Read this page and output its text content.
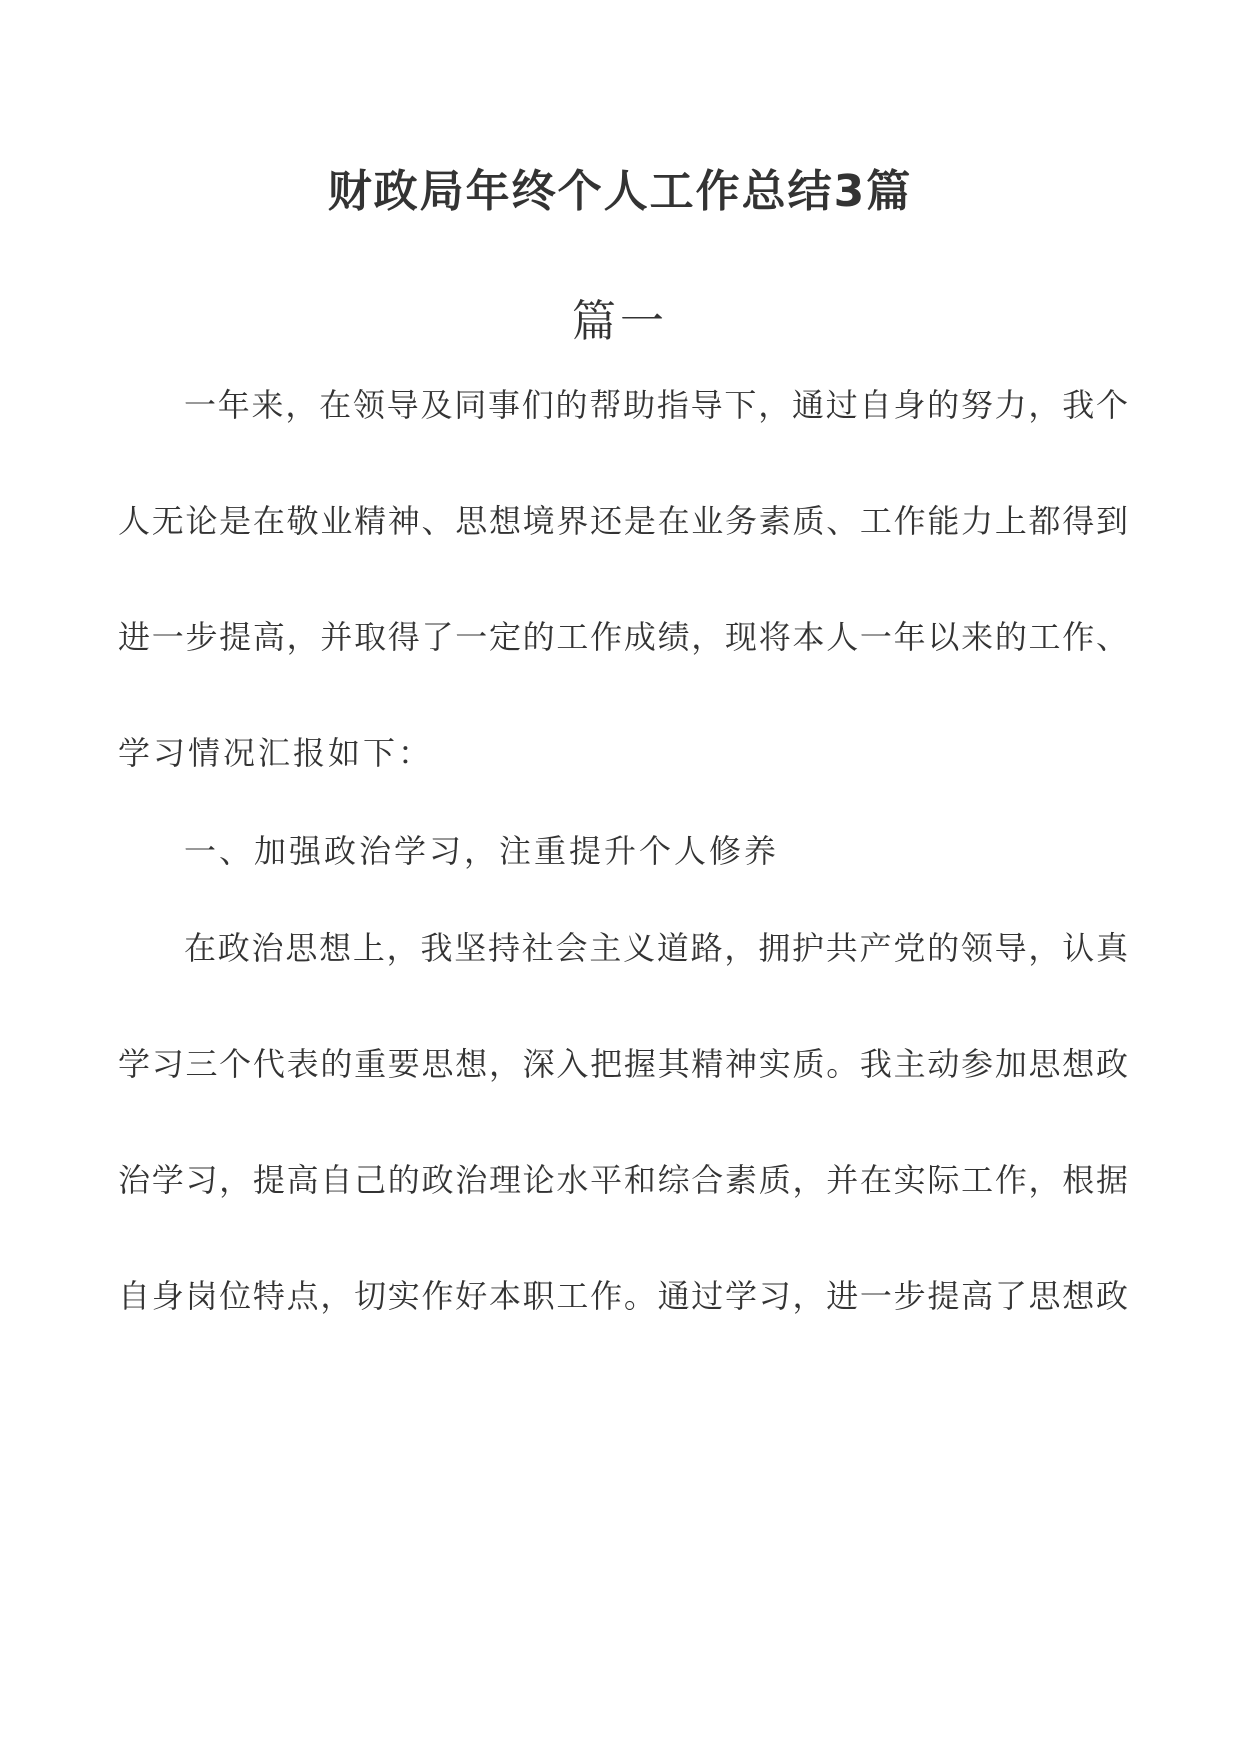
财政局年终个人工作总结3篇
篇一
一年来，在领导及同事们的帮助指导下，通过自身的努力，我个
人无论是在敬业精神、思想境界还是在业务素质、工作能力上都得到
进一步提高，并取得了一定的工作成绩，现将本人一年以来的工作、
学习情况汇报如下：
一、加强政治学习，注重提升个人修养
在政治思想上，我坚持社会主义道路，拥护共产党的领导，认真
学习三个代表的重要思想，深入把握其精神实质。我主动参加思想政
治学习，提高自己的政治理论水平和综合素质，并在实际工作，根据
自身岗位特点，切实作好本职工作。通过学习，进一步提高了思想政
